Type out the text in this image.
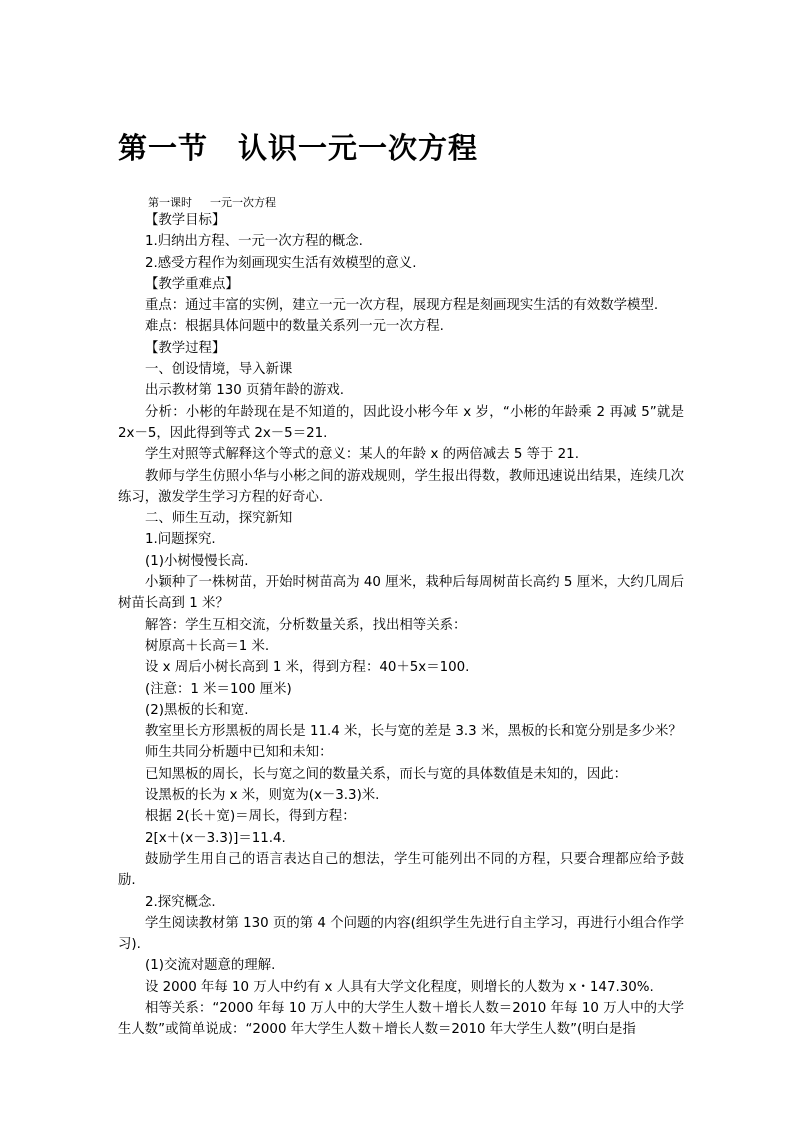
第一节 认识一元一次方程
第一课时 一元一次方程

【教学目标】

1.归纳出方程、一元一次方程的概念.

2.感受方程作为刻画现实生活有效模型的意义.

【教学重难点】

重点：通过丰富的实例，建立一元一次方程，展现方程是刻画现实生活的有效数学模型.

难点：根据具体问题中的数量关系列一元一次方程.

【教学过程】

一、创设情境，导入新课

出示教材第 130 页猜年龄的游戏.

分析：小彬的年龄现在是不知道的，因此设小彬今年 x 岁，“小彬的年龄乘 2 再减 5”就是 2x－5，因此得到等式 2x－5＝21.

学生对照等式解释这个等式的意义：某人的年龄 x 的两倍减去 5 等于 21.

教师与学生仿照小华与小彬之间的游戏规则，学生报出得数，教师迅速说出结果，连续几次练习，激发学生学习方程的好奇心.

二、师生互动，探究新知

1.问题探究.

(1)小树慢慢长高.

小颖种了一株树苗，开始时树苗高为 40 厘米，栽种后每周树苗长高约 5 厘米，大约几周后树苗长高到 1 米？

解答：学生互相交流，分析数量关系，找出相等关系：

树原高＋长高＝1 米.

设 x 周后小树长高到 1 米，得到方程：40＋5x＝100.

(注意：1 米＝100 厘米)

(2)黑板的长和宽.

教室里长方形黑板的周长是 11.4 米，长与宽的差是 3.3 米，黑板的长和宽分别是多少米？

师生共同分析题中已知和未知：

已知黑板的周长，长与宽之间的数量关系，而长与宽的具体数值是未知的，因此：

设黑板的长为 x 米，则宽为(x－3.3)米.

根据 2(长＋宽)＝周长，得到方程：

2[x＋(x－3.3)]＝11.4.

鼓励学生用自己的语言表达自己的想法，学生可能列出不同的方程，只要合理都应给予鼓励.

2.探究概念.

学生阅读教材第 130 页的第 4 个问题的内容(组织学生先进行自主学习，再进行小组合作学习).

(1)交流对题意的理解.

设 2000 年每 10 万人中约有 x 人具有大学文化程度，则增长的人数为 x・147.30%.

相等关系：“2000 年每 10 万人中的大学生人数＋增长人数＝2010 年每 10 万人中的大学生人数”或简单说成：“2000 年大学生人数＋增长人数＝2010 年大学生人数”(明白是指
